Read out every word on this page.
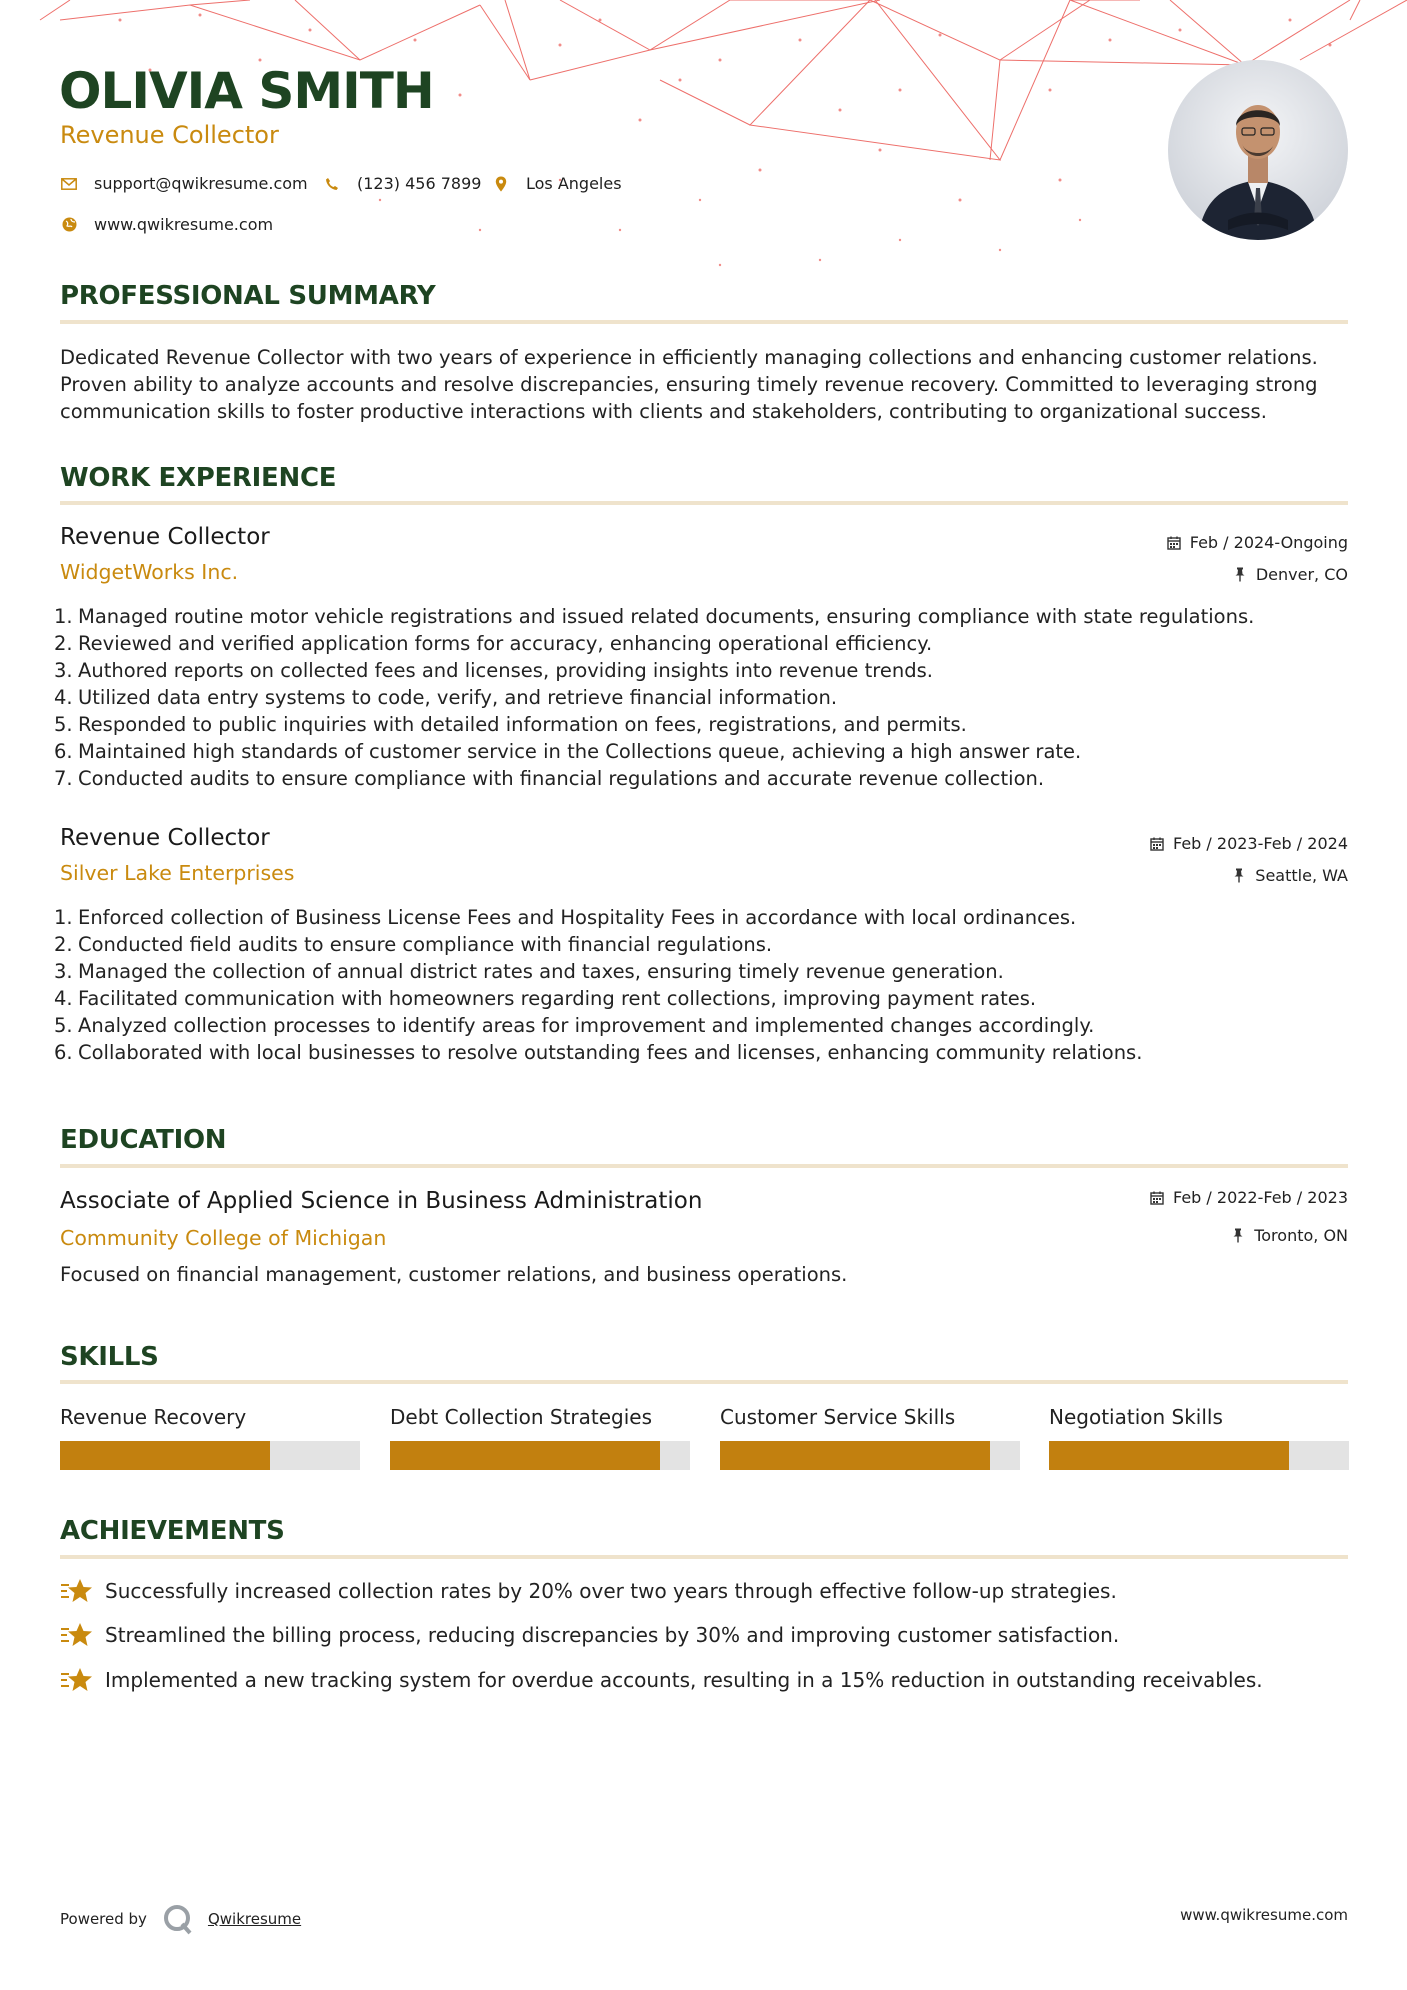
OLIVIA SMITH
Revenue Collector
support@qwikresume.com	(123) 456 7899	Los Angeles
www.qwikresume.com
PROFESSIONAL SUMMARY
Dedicated Revenue Collector with two years of experience in efficiently managing collections and enhancing customer relations. Proven ability to analyze accounts and resolve discrepancies, ensuring timely revenue recovery. Committed to leveraging strong communication skills to foster productive interactions with clients and stakeholders, contributing to organizational success.
WORK EXPERIENCE
Revenue Collector
WidgetWorks Inc.
Feb / 2024-Ongoing
Denver, CO
1. Managed routine motor vehicle registrations and issued related documents, ensuring compliance with state regulations.
2. Reviewed and verified application forms for accuracy, enhancing operational efficiency.
3. Authored reports on collected fees and licenses, providing insights into revenue trends.
4. Utilized data entry systems to code, verify, and retrieve financial information.
5. Responded to public inquiries with detailed information on fees, registrations, and permits.
6. Maintained high standards of customer service in the Collections queue, achieving a high answer rate.
7. Conducted audits to ensure compliance with financial regulations and accurate revenue collection.
Revenue Collector
Silver Lake Enterprises
Feb / 2023-Feb / 2024
Seattle, WA
1. Enforced collection of Business License Fees and Hospitality Fees in accordance with local ordinances.
2. Conducted field audits to ensure compliance with financial regulations.
3. Managed the collection of annual district rates and taxes, ensuring timely revenue generation.
4. Facilitated communication with homeowners regarding rent collections, improving payment rates.
5. Analyzed collection processes to identify areas for improvement and implemented changes accordingly.
6. Collaborated with local businesses to resolve outstanding fees and licenses, enhancing community relations.
EDUCATION
Associate of Applied Science in Business Administration
Community College of Michigan
Feb / 2022-Feb / 2023
Toronto, ON
Focused on financial management, customer relations, and business operations.
SKILLS
Revenue Recovery	Debt Collection Strategies	Customer Service Skills	Negotiation Skills
ACHIEVEMENTS
Successfully increased collection rates by 20% over two years through effective follow-up strategies.
Streamlined the billing process, reducing discrepancies by 30% and improving customer satisfaction.
Implemented a new tracking system for overdue accounts, resulting in a 15% reduction in outstanding receivables.
Powered by	Qwikresume	www.qwikresume.com
